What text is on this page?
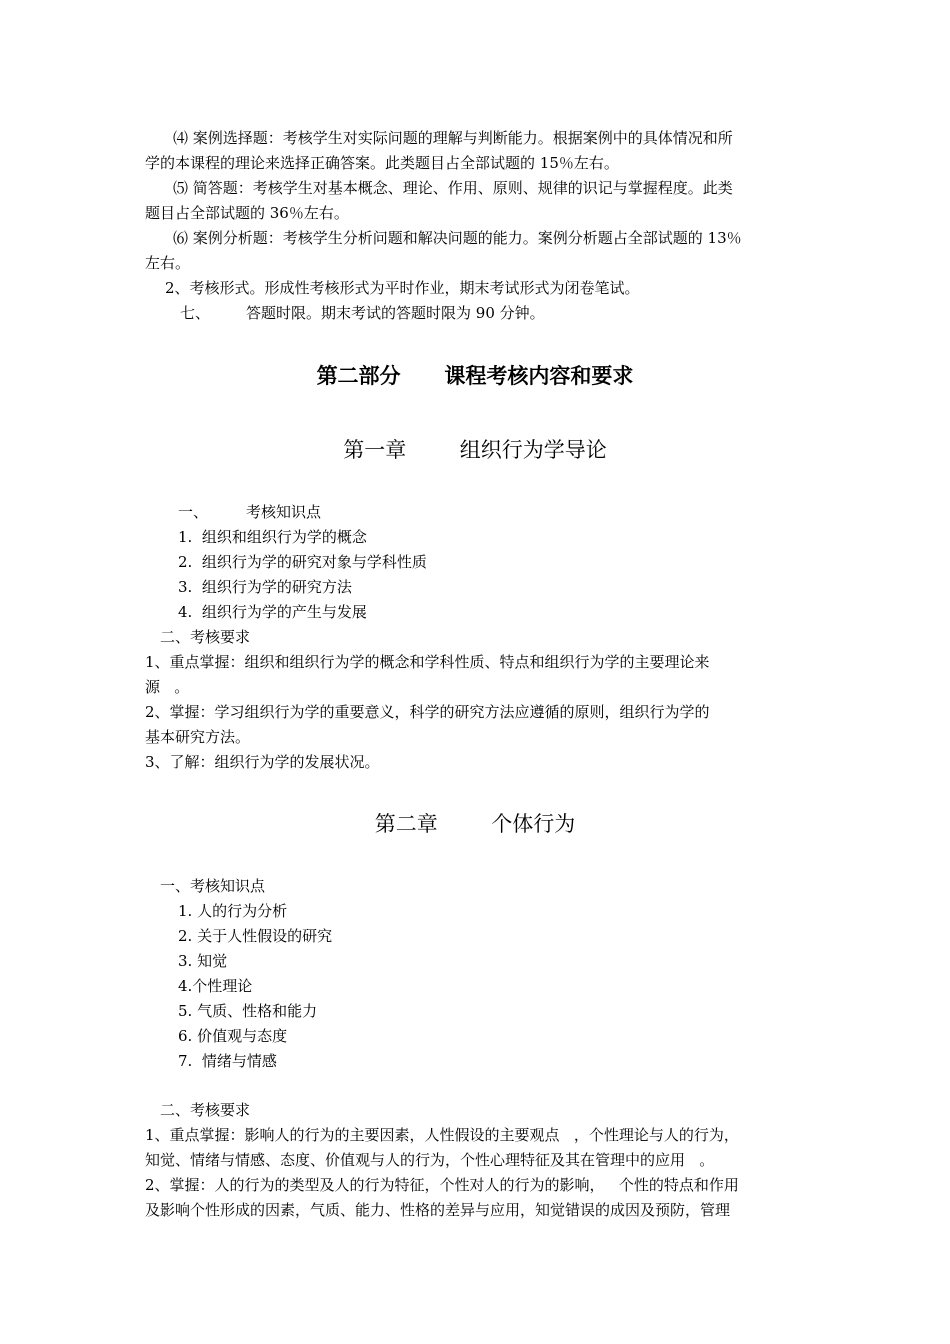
⑷ 案例选择题：考核学生对实际问题的理解与判断能力。根据案例中的具体情况和所
学的本课程的理论来选择正确答案。此类题目占全部试题的 15％左右。
⑸ 简答题：考核学生对基本概念、理论、作用、原则、规律的识记与掌握程度。此类
题目占全部试题的 36％左右。
⑹ 案例分析题：考核学生分析问题和解决问题的能力。案例分析题占全部试题的 13％
左右。
2、考核形式。形成性考核形式为平时作业，期末考试形式为闭卷笔试。
七、 答题时限。期末考试的答题时限为 90 分钟。
第二部分      课程考核内容和要求
第一章        组织行为学导论
一、	考核知识点
1.  组织和组织行为学的概念
2.  组织行为学的研究对象与学科性质
3.  组织行为学的研究方法
4.  组织行为学的产生与发展
二、考核要求
1、重点掌握：组织和组织行为学的概念和学科性质、特点和组织行为学的主要理论来
源   。
2、掌握：学习组织行为学的重要意义，科学的研究方法应遵循的原则，组织行为学的
基本研究方法。
3、了解：组织行为学的发展状况。
第二章        个体行为
一、考核知识点
1. 人的行为分析
2. 关于人性假设的研究
3. 知觉
4.个性理论
5. 气质、性格和能力
6. 价值观与态度
7.  情绪与情感
二、考核要求
1、重点掌握：影响人的行为的主要因素，人性假设的主要观点   ，个性理论与人的行为，
知觉、情绪与情感、态度、价值观与人的行为，个性心理特征及其在管理中的应用   。
2、掌握：人的行为的类型及人的行为特征，个性对人的行为的影响，   个性的特点和作用
及影响个性形成的因素，气质、能力、性格的差异与应用，知觉错误的成因及预防，管理
